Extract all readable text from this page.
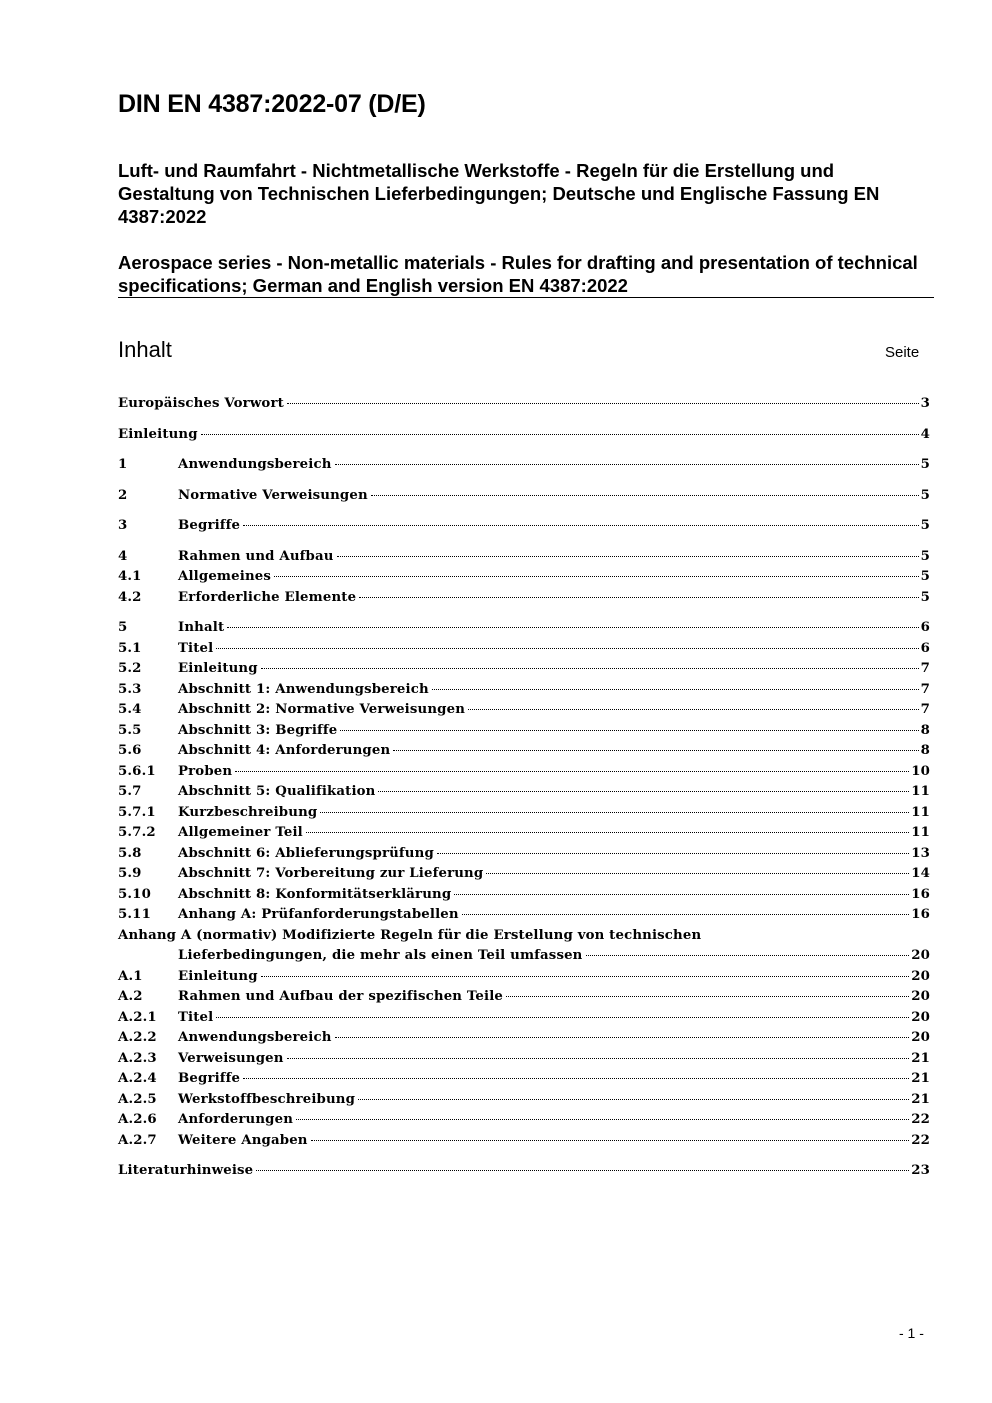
DIN EN 4387:2022-07 (D/E)
Luft- und Raumfahrt - Nichtmetallische Werkstoffe - Regeln für die Erstellung und Gestaltung von Technischen Lieferbedingungen; Deutsche und Englische Fassung EN 4387:2022
Aerospace series - Non-metallic materials - Rules for drafting and presentation of technical specifications; German and English version EN 4387:2022
Inhalt	Seite
Europäisches Vorwort	3
Einleitung	4
1	Anwendungsbereich	5
2	Normative Verweisungen	5
3	Begriffe	5
4	Rahmen und Aufbau	5
4.1	Allgemeines	5
4.2	Erforderliche Elemente	5
5	Inhalt	6
5.1	Titel	6
5.2	Einleitung	7
5.3	Abschnitt 1: Anwendungsbereich	7
5.4	Abschnitt 2: Normative Verweisungen	7
5.5	Abschnitt 3: Begriffe	8
5.6	Abschnitt 4: Anforderungen	8
5.6.1	Proben	10
5.7	Abschnitt 5: Qualifikation	11
5.7.1	Kurzbeschreibung	11
5.7.2	Allgemeiner Teil	11
5.8	Abschnitt 6: Ablieferungsprüfung	13
5.9	Abschnitt 7: Vorbereitung zur Lieferung	14
5.10	Abschnitt 8: Konformitätserklärung	16
5.11	Anhang A: Prüfanforderungstabellen	16
Anhang A (normativ) Modifizierte Regeln für die Erstellung von technischen
Lieferbedingungen, die mehr als einen Teil umfassen	20
A.1	Einleitung	20
A.2	Rahmen und Aufbau der spezifischen Teile	20
A.2.1	Titel	20
A.2.2	Anwendungsbereich	20
A.2.3	Verweisungen	21
A.2.4	Begriffe	21
A.2.5	Werkstoffbeschreibung	21
A.2.6	Anforderungen	22
A.2.7	Weitere Angaben	22
Literaturhinweise	23
- 1 -
